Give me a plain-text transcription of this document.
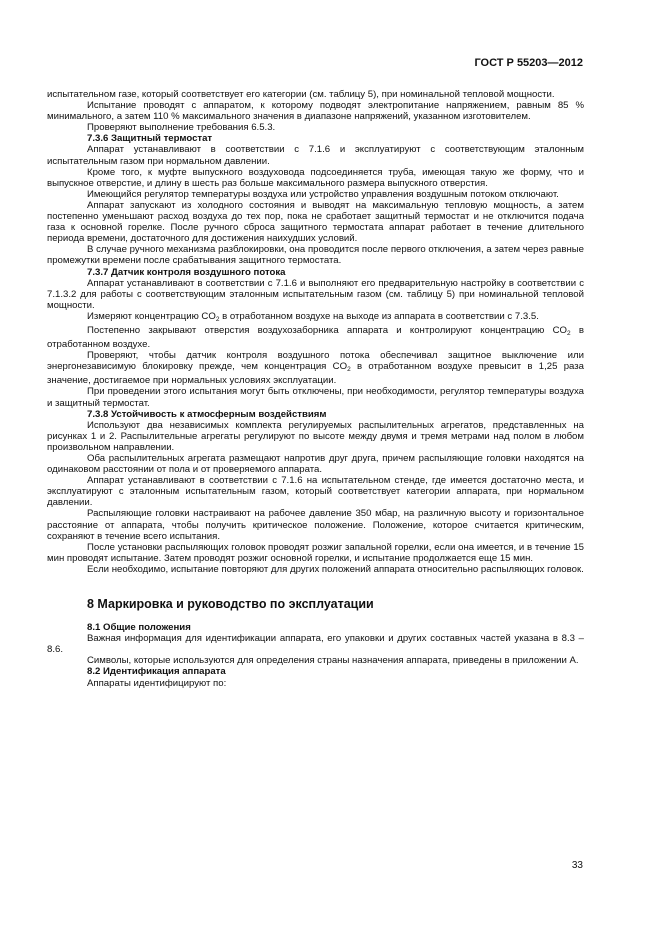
ГОСТ Р 55203—2012

испытательном газе, который соответствует его категории (см. таблицу 5), при номинальной тепловой мощности.

Испытание проводят с аппаратом, к которому подводят электропитание напряжением, равным 85 % минимального, а затем 110 % максимального значения в диапазоне напряжений, указанном изготовителем.

Проверяют выполнение требования 6.5.3.

7.3.6 Защитный термостат

Аппарат устанавливают в соответствии с 7.1.6 и эксплуатируют с соответствующим эталонным испытательным газом при нормальном давлении.

Кроме того, к муфте выпускного воздуховода подсоединяется труба, имеющая такую же форму, что и выпускное отверстие, и длину в шесть раз больше максимального размера выпускного отверстия.

Имеющийся регулятор температуры воздуха или устройство управления воздушным потоком отключают.

Аппарат запускают из холодного состояния и выводят на максимальную тепловую мощность, а затем постепенно уменьшают расход воздуха до тех пор, пока не сработает защитный термостат и не отключится подача газа к основной горелке. После ручного сброса защитного термостата аппарат работает в течение длительного периода времени, достаточного для достижения наихудших условий.

В случае ручного механизма разблокировки, она проводится после первого отключения, а затем через равные промежутки времени после срабатывания защитного термостата.

7.3.7 Датчик контроля воздушного потока

Аппарат устанавливают в соответствии с 7.1.6 и выполняют его предварительную настройку в соответствии с 7.1.3.2 для работы с соответствующим эталонным испытательным газом (см. таблицу 5) при номинальной тепловой мощности.

Измеряют концентрацию $CO_2$ в отработанном воздухе на выходе из аппарата в соответствии с 7.3.5.

Постепенно закрывают отверстия воздухозаборника аппарата и контролируют концентрацию $CO_2$ в отработанном воздухе.

Проверяют, чтобы датчик контроля воздушного потока обеспечивал защитное выключение или энергонезависимую блокировку прежде, чем концентрация $CO_2$ в отработанном воздухе превысит в 1,25 раза значение, достигаемое при нормальных условиях эксплуатации.

При проведении этого испытания могут быть отключены, при необходимости, регулятор температуры воздуха и защитный термостат.

7.3.8 Устойчивость к атмосферным воздействиям

Используют два независимых комплекта регулируемых распылительных агрегатов, представленных на рисунках 1 и 2. Распылительные агрегаты регулируют по высоте между двумя и тремя метрами над полом в любом произвольном направлении.

Оба распылительных агрегата размещают напротив друг друга, причем распыляющие головки находятся на одинаковом расстоянии от пола и от проверяемого аппарата.

Аппарат устанавливают в соответствии с 7.1.6 на испытательном стенде, где имеется достаточно места, и эксплуатируют с эталонным испытательным газом, который соответствует категории аппарата, при нормальном давлении.

Распыляющие головки настраивают на рабочее давление 350 мбар, на различную высоту и горизонтальное расстояние от аппарата, чтобы получить критическое положение. Положение, которое считается критическим, сохраняют в течение всего испытания.

После установки распыляющих головок проводят розжиг запальной горелки, если она имеется, и в течение 15 мин проводят испытание. Затем проводят розжиг основной горелки, и испытание продолжается еще 15 мин.

Если необходимо, испытание повторяют для других положений аппарата относительно распыляющих головок.

8 Маркировка и руководство по эксплуатации
8.1 Общие положения

Важная информация для идентификации аппарата, его упаковки и других составных частей указана в 8.3 – 8.6.

Символы, которые используются для определения страны назначения аппарата, приведены в приложении А.

8.2 Идентификация аппарата

Аппараты идентифицируют по:

33
